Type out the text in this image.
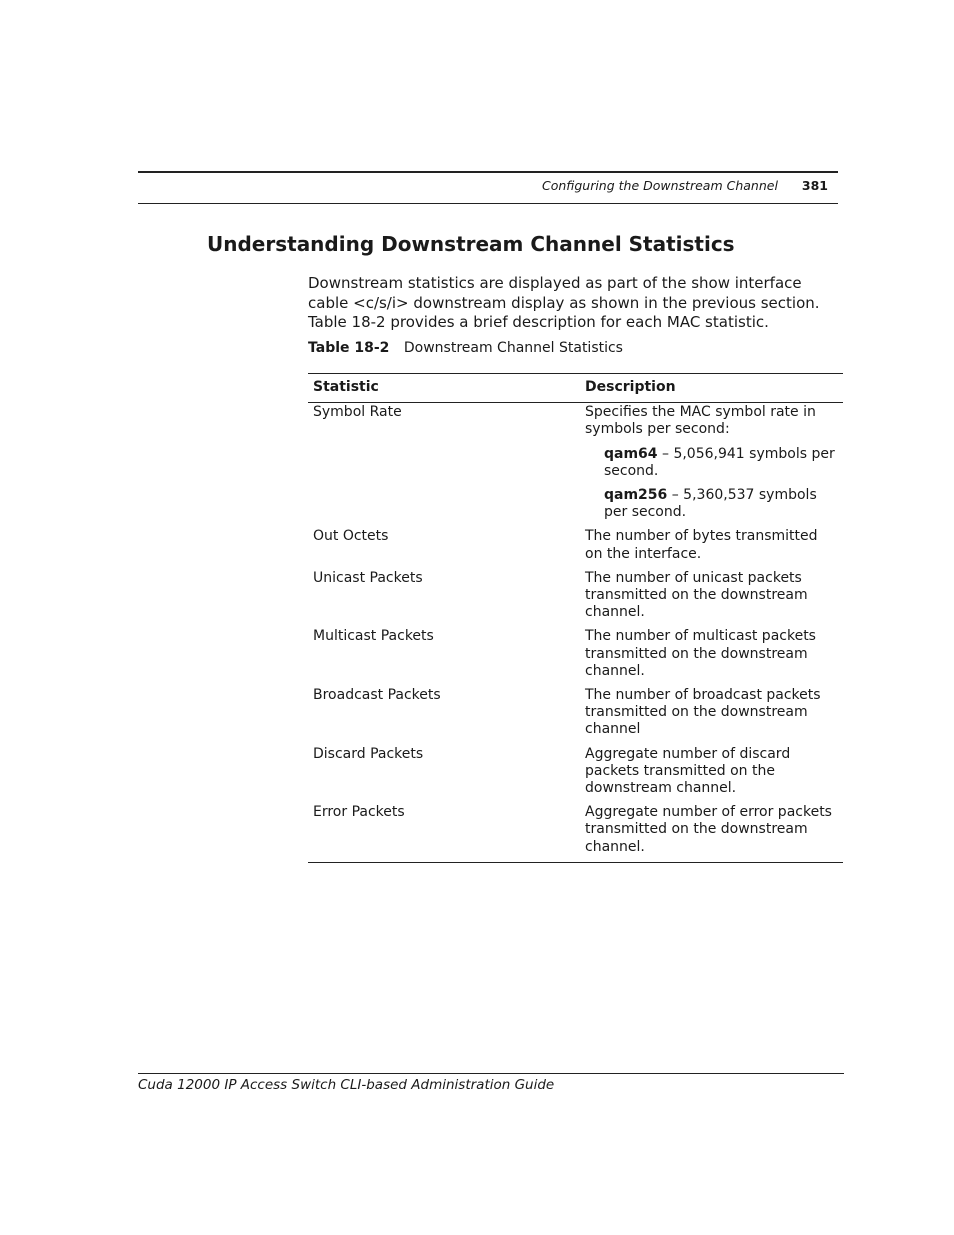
Configuring the Downstream Channel 381
Understanding Downstream Channel Statistics

Downstream statistics are displayed as part of the show interface cable <c/s/i> downstream display as shown in the previous section. Table 18-2 provides a brief description for each MAC statistic.

Table 18-2 Downstream Channel Statistics
Statistic	Description
Symbol Rate	Specifies the MAC symbol rate in symbols per second:
qam64 – 5,056,941 symbols per second.
qam256 – 5,360,537 symbols per second.

Out Octets	The number of bytes transmitted on the interface.
Unicast Packets	The number of unicast packets transmitted on the downstream channel.
Multicast Packets	The number of multicast packets transmitted on the downstream channel.
Broadcast Packets	The number of broadcast packets transmitted on the downstream channel
Discard Packets	Aggregate number of discard packets transmitted on the downstream channel.
Error Packets	Aggregate number of error packets transmitted on the downstream channel.
Cuda 12000 IP Access Switch CLI-based Administration Guide
